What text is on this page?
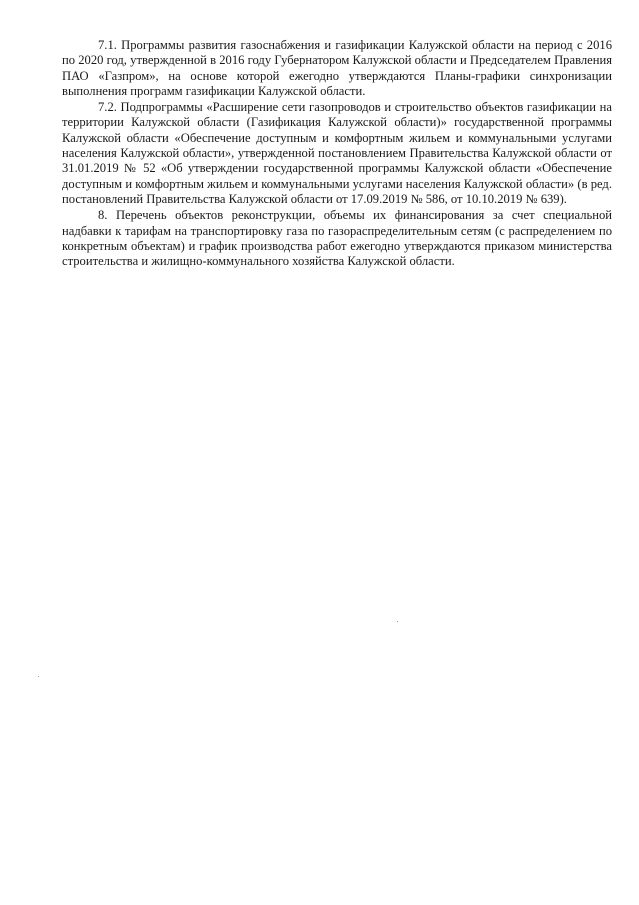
7.1. Программы развития газоснабжения и газификации Калужской области на период с 2016 по 2020 год, утвержденной в 2016 году Губернатором Калужской области и Председателем Правления ПАО «Газпром», на основе которой ежегодно утверждаются Планы-графики синхронизации выполнения программ газификации Калужской области.

7.2. Подпрограммы «Расширение сети газопроводов и строительство объектов газификации на территории Калужской области (Газификация Калужской области)» государственной программы Калужской области «Обеспечение доступным и комфортным жильем и коммунальными услугами населения Калужской области», утвержденной постановлением Правительства Калужской области от 31.01.2019 № 52 «Об утверждении государственной программы Калужской области «Обеспечение доступным и комфортным жильем и коммунальными услугами населения Калужской области» (в ред. постановлений Правительства Калужской области от 17.09.2019 № 586, от 10.10.2019 № 639).

8. Перечень объектов реконструкции, объемы их финансирования за счет специальной надбавки к тарифам на транспортировку газа по газораспределительным сетям (с распределением по конкретным объектам) и график производства работ ежегодно утверждаются приказом министерства строительства и жилищно-коммунального хозяйства Калужской области.
